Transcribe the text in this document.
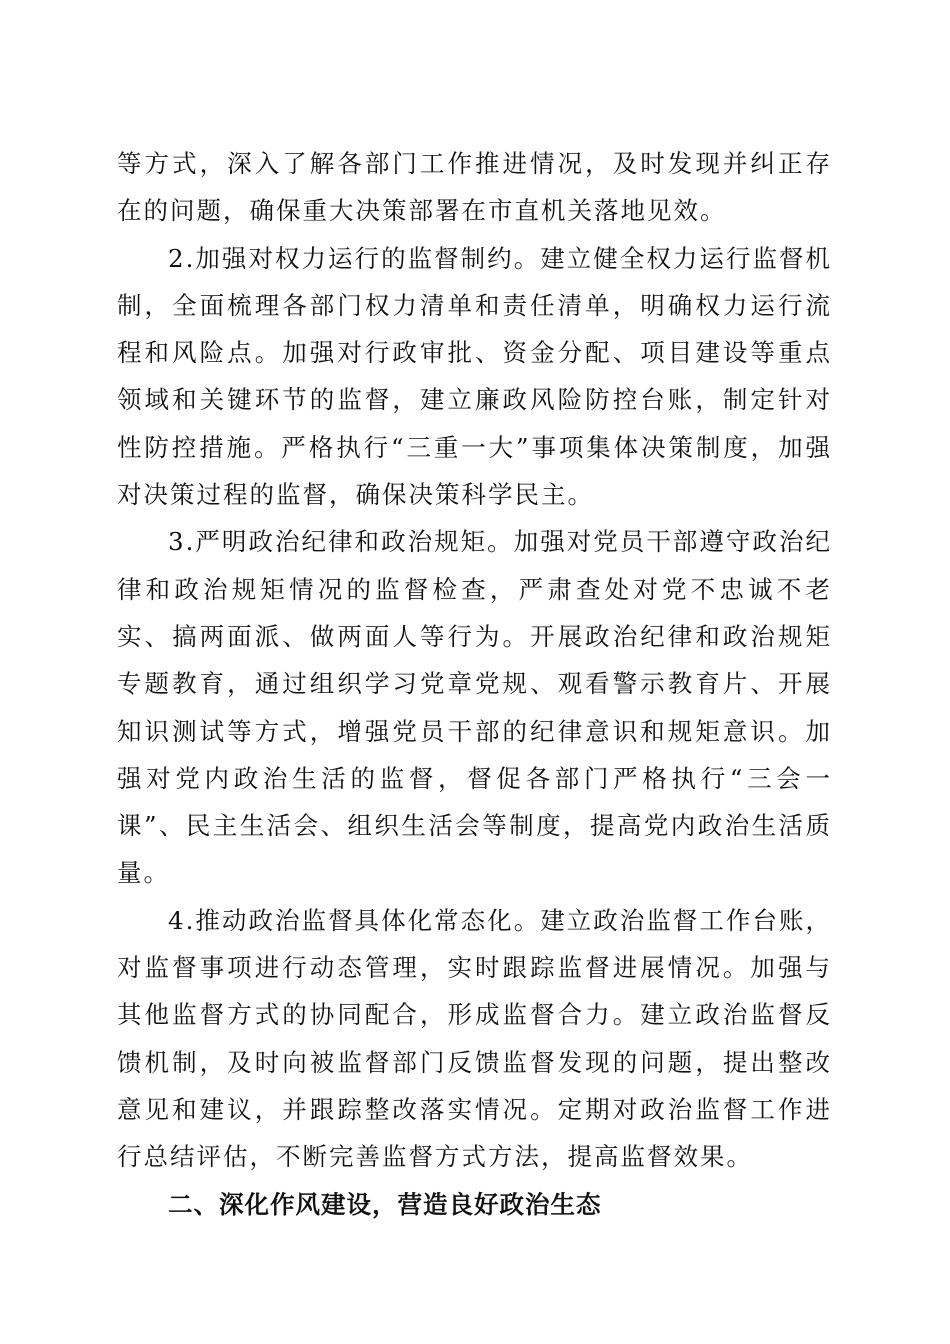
等方式，深入了解各部门工作推进情况，及时发现并纠正存在的问题，确保重大决策部署在市直机关落地见效。

2.加强对权力运行的监督制约。建立健全权力运行监督机制，全面梳理各部门权力清单和责任清单，明确权力运行流程和风险点。加强对行政审批、资金分配、项目建设等重点领域和关键环节的监督，建立廉政风险防控台账，制定针对性防控措施。严格执行“三重一大”事项集体决策制度，加强对决策过程的监督，确保决策科学民主。

3.严明政治纪律和政治规矩。加强对党员干部遵守政治纪律和政治规矩情况的监督检查，严肃查处对党不忠诚不老实、搞两面派、做两面人等行为。开展政治纪律和政治规矩专题教育，通过组织学习党章党规、观看警示教育片、开展知识测试等方式，增强党员干部的纪律意识和规矩意识。加强对党内政治生活的监督，督促各部门严格执行“三会一课”、民主生活会、组织生活会等制度，提高党内政治生活质量。

4.推动政治监督具体化常态化。建立政治监督工作台账，对监督事项进行动态管理，实时跟踪监督进展情况。加强与其他监督方式的协同配合，形成监督合力。建立政治监督反馈机制，及时向被监督部门反馈监督发现的问题，提出整改意见和建议，并跟踪整改落实情况。定期对政治监督工作进行总结评估，不断完善监督方式方法，提高监督效果。

二、深化作风建设，营造良好政治生态
